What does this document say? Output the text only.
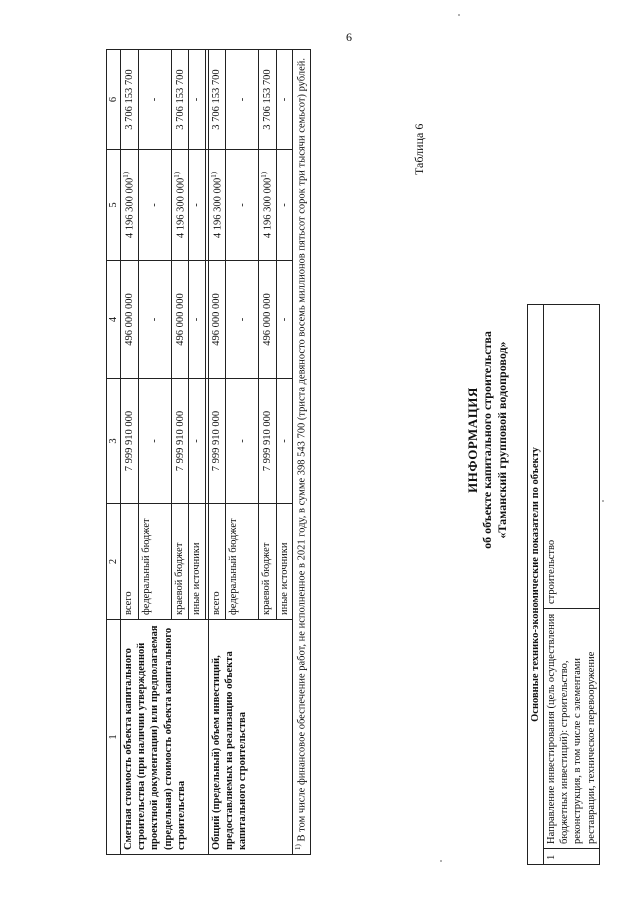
6
1	2	3	4	5	6
Сметная стоимость объекта капитального строительства (при наличии утвержденной проектной документации) или предполагаемая (предельная) стоимость объекта капитального строительства	всего	7 999 910 000	496 000 000	4 196 300 000$^{1)}$	3 706 153 700
	федеральный бюджет	-	-	-	-
	краевой бюджет	7 999 910 000	496 000 000	4 196 300 000$^{1)}$	3 706 153 700
	иные источники	-	-	-	-

Общий (предельный) объем инвестиций, предоставляемых на реализацию объекта капитального строительства	всего	7 999 910 000	496 000 000	4 196 300 000$^{1)}$	3 706 153 700
	федеральный бюджет	-	-	-	-
	краевой бюджет	7 999 910 000	496 000 000	4 196 300 000$^{1)}$	3 706 153 700
	иные источники	-	-	-	-
$^{1)}$ В том числе финансовое обеспечение работ, не исполненное в 2021 году, в сумме 398 543 700 (триста девяносто восемь миллионов пятьсот сорок три тысячи семьсот) рублей.						Таблица 6
ИНФОРМАЦИЯ об объекте капитального строительства «Таманский групповой водопровод»
Основные технико-экономические показатели по объекту
1	Направление инвестирования (цель осуществления бюджетных инвестиций): строительство, реконструкция, в том числе с элементами реставрации, техническое перевооружение	строительство
